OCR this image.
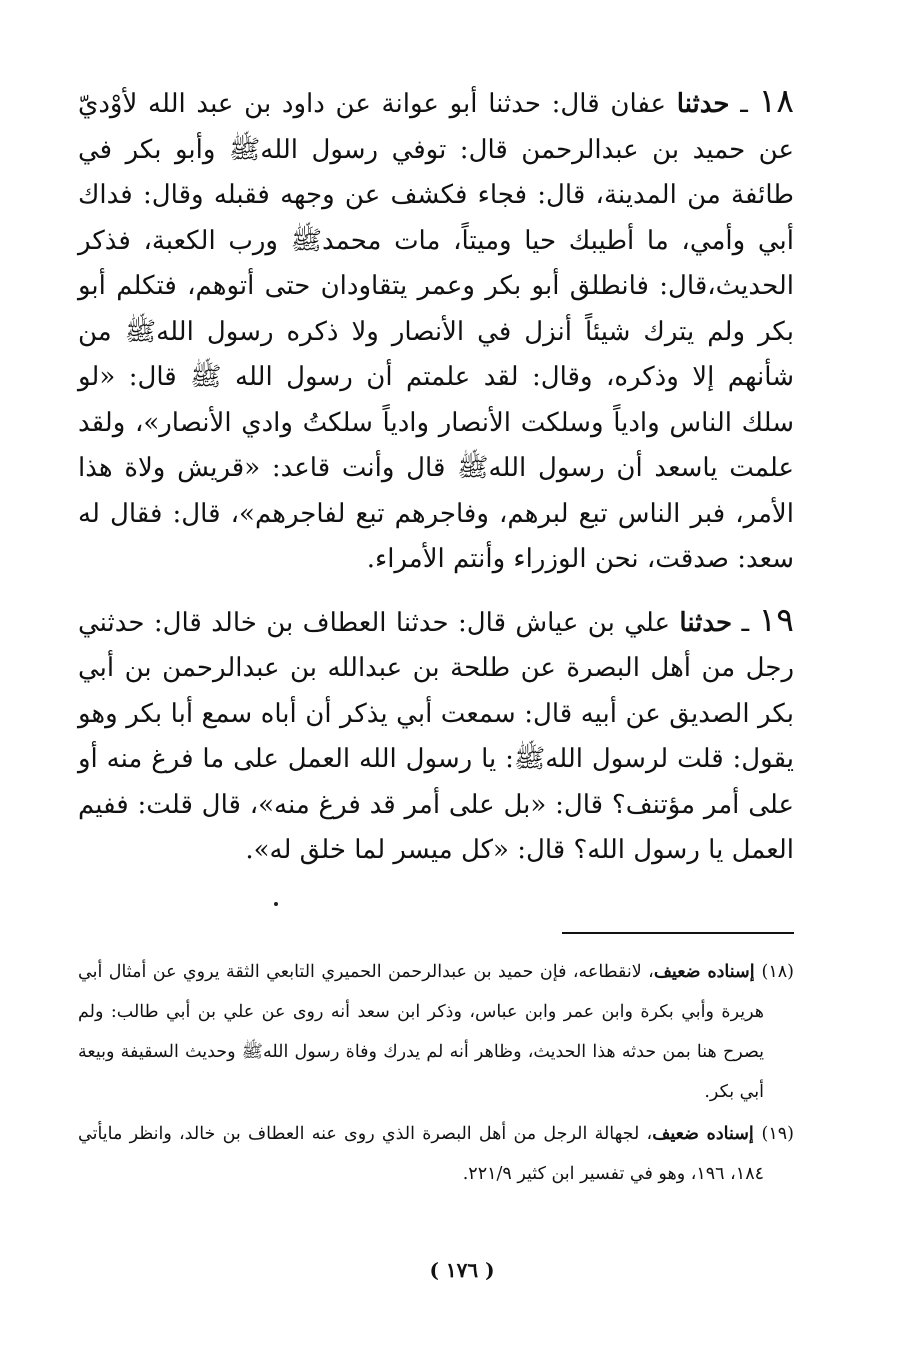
١٨ ـ حدثنا عفان قال: حدثنا أبو عوانة عن داود بن عبد الله لأوْديّ عن حميد بن عبدالرحمن قال: توفي رسول اللهﷺ وأبو بكر في طائفة من المدينة، قال: فجاء فكشف عن وجهه فقبله وقال: فداك أبي وأمي، ما أطيبك حيا وميتاً، مات محمدﷺ ورب الكعبة، فذكر الحديث،قال: فانطلق أبو بكر وعمر يتقاودان حتى أتوهم، فتكلم أبو بكر ولم يترك شيئاً أنزل في الأنصار ولا ذكره رسول اللهﷺ من شأنهم إلا وذكره، وقال: لقد علمتم أن رسول الله ﷺ قال: «لو سلك الناس وادياً وسلكت الأنصار وادياً سلكتُ وادي الأنصار»، ولقد علمت ياسعد أن رسول اللهﷺ قال وأنت قاعد: «قريش ولاة هذا الأمر، فبر الناس تبع لبرهم، وفاجرهم تبع لفاجرهم»، قال: فقال له سعد: صدقت، نحن الوزراء وأنتم الأمراء.

١٩ ـ حدثنا علي بن عياش قال: حدثنا العطاف بن خالد قال: حدثني رجل من أهل البصرة عن طلحة بن عبدالله بن عبدالرحمن بن أبي بكر الصديق عن أبيه قال: سمعت أبي يذكر أن أباه سمع أبا بكر وهو يقول: قلت لرسول اللهﷺ: يا رسول الله العمل على ما فرغ منه أو على أمر مؤتنف؟ قال: «بل على أمر قد فرغ منه»، قال قلت: ففيم العمل يا رسول الله؟ قال: «كل ميسر لما خلق له».

(١٨) إسناده ضعيف، لانقطاعه، فإن حميد بن عبدالرحمن الحميري التابعي الثقة يروي عن أمثال أبي هريرة وأبي بكرة وابن عمر وابن عباس، وذكر ابن سعد أنه روى عن علي بن أبي طالب: ولم يصرح هنا بمن حدثه هذا الحديث، وظاهر أنه لم يدرك وفاة رسول اللهﷺ وحديث السقيفة وبيعة أبي بكر.

(١٩) إسناده ضعيف، لجهالة الرجل من أهل البصرة الذي روى عنه العطاف بن خالد، وانظر مايأتي ١٨٤، ١٩٦، وهو في تفسير ابن كثير ٢٢١/٩.

( ١٧٦ )
